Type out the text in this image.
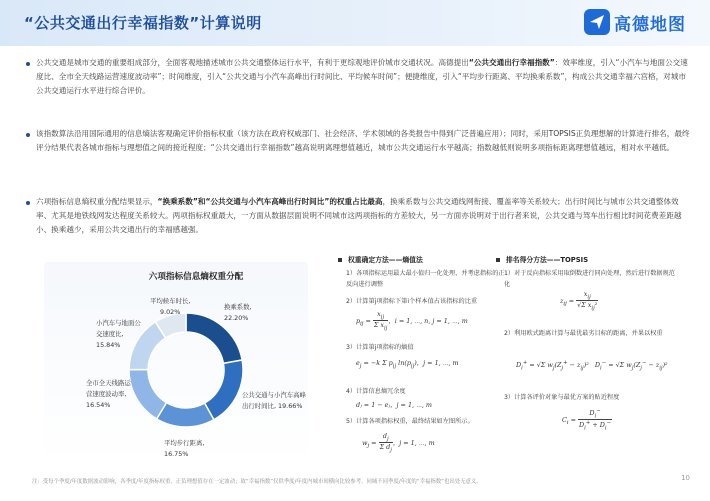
“公共交通出行幸福指数”计算说明	高德地图
公共交通是城市交通的重要组成部分，全面客观地描述城市公共交通整体运行水平，有利于更综观地评价城市交通状况。高德提出“公共交通出行幸福指数”：效率维度，引入“小汽车与地面公交速度比、全市全天线路运营速度波动率”；时间维度，引入“公共交通与小汽车高峰出行时间比、平均候车时间”；便捷维度，引入“平均步行距离、平均换乘系数”，构成公共交通幸福六宫格，对城市公共交通运行水平进行综合评价。
该指数算法沿用国际通用的信息熵法客观确定评价指标权重（该方法在政府权威部门、社会经济、学术领域的各类报告中得到广泛普遍应用）；同时，采用TOPSIS正负理想解的计算进行排名，最终评分结果代表各城市指标与理想值之间的接近程度；“公共交通出行幸福指数”越高说明离理想值越近，城市公共交通运行水平越高；指数越低则说明多项指标距离理想值越远，相对水平越低。
六项指标信息熵权重分配结果显示，“换乘系数”和“公共交通与小汽车高峰出行时间比”的权重占比最高，换乘系数与公共交通线网衔接、覆盖率等关系较大；出行时间比与城市公共交通整体效率、尤其是地铁线网发达程度关系较大。两项指标权重最大，一方面从数据层面说明不同城市这两项指标的方差较大，另一方面亦说明对于出行者来说，公共交通与驾车出行相比时间花费差距越小、换乘越少，采用公共交通出行的幸福感越强。
六项指标信息熵权重分配
换乘系数,
22.20%
公共交通与小汽车高峰
出行时间比, 19.66%
平均步行距离,
16.75%
全市全天线路运
营速度波动率,
16.54%
小汽车与地面公
交速度比,
15.84%
平均候车时长,
9.02%
权重确定方法——熵值法
1）各项指标运用最大最小值归一化处理，并考虑指标的正反向进行调整
2）计算第j项指标下第i个样本值占该指标的比重
$p_{ij} = \frac{x_{ij}}{\Sigma x_{ij}}$ ，i = 1, ⋯, n, j = 1, ⋯, m
3）计算第j项指标的熵值
$e_j = -k$ Σ $p_{ij}$ $\ln(p_{ij})$，j = 1, ⋯, m
4）计算信息熵冗余度
dⱼ = 1 − eⱼ，j = 1, ⋯, m
5）计算各项指标权重，最终结果如左图所示。
$w_j = \frac{d_j}{\Sigma d_j}$ ，j = 1, ⋯, m
排名得分方法——TOPSIS
1）对于反向指标采用取倒数进行同向处理，然后进行数据规范化
$z_{ij} = \frac{x_{ij}}{√\Sigma x_{ij}^2}$
2）利用欧式距离计算与最优最劣目标的距离，并果以权重
$D_i^+ = √\Sigma$ $w_j(Z_j^+ - z_{ij})^2$   $D_i^- = √\Sigma$ $w_j(Z_j^- - z_{ij})^2$
3）计算各评价对象与最优方案的贴近程度
$C_i = \frac{D_i^-}{D_i^+ + D_i^-}$
注：受每个季度/年度数据波动影响，各季度/年度指标权重、正负理想值存在一定波动；故“幸福指数”仅供季度/年度内城市间横向比较参考，同城不同季度/年度的“幸福指数”也出处无意义。	10
